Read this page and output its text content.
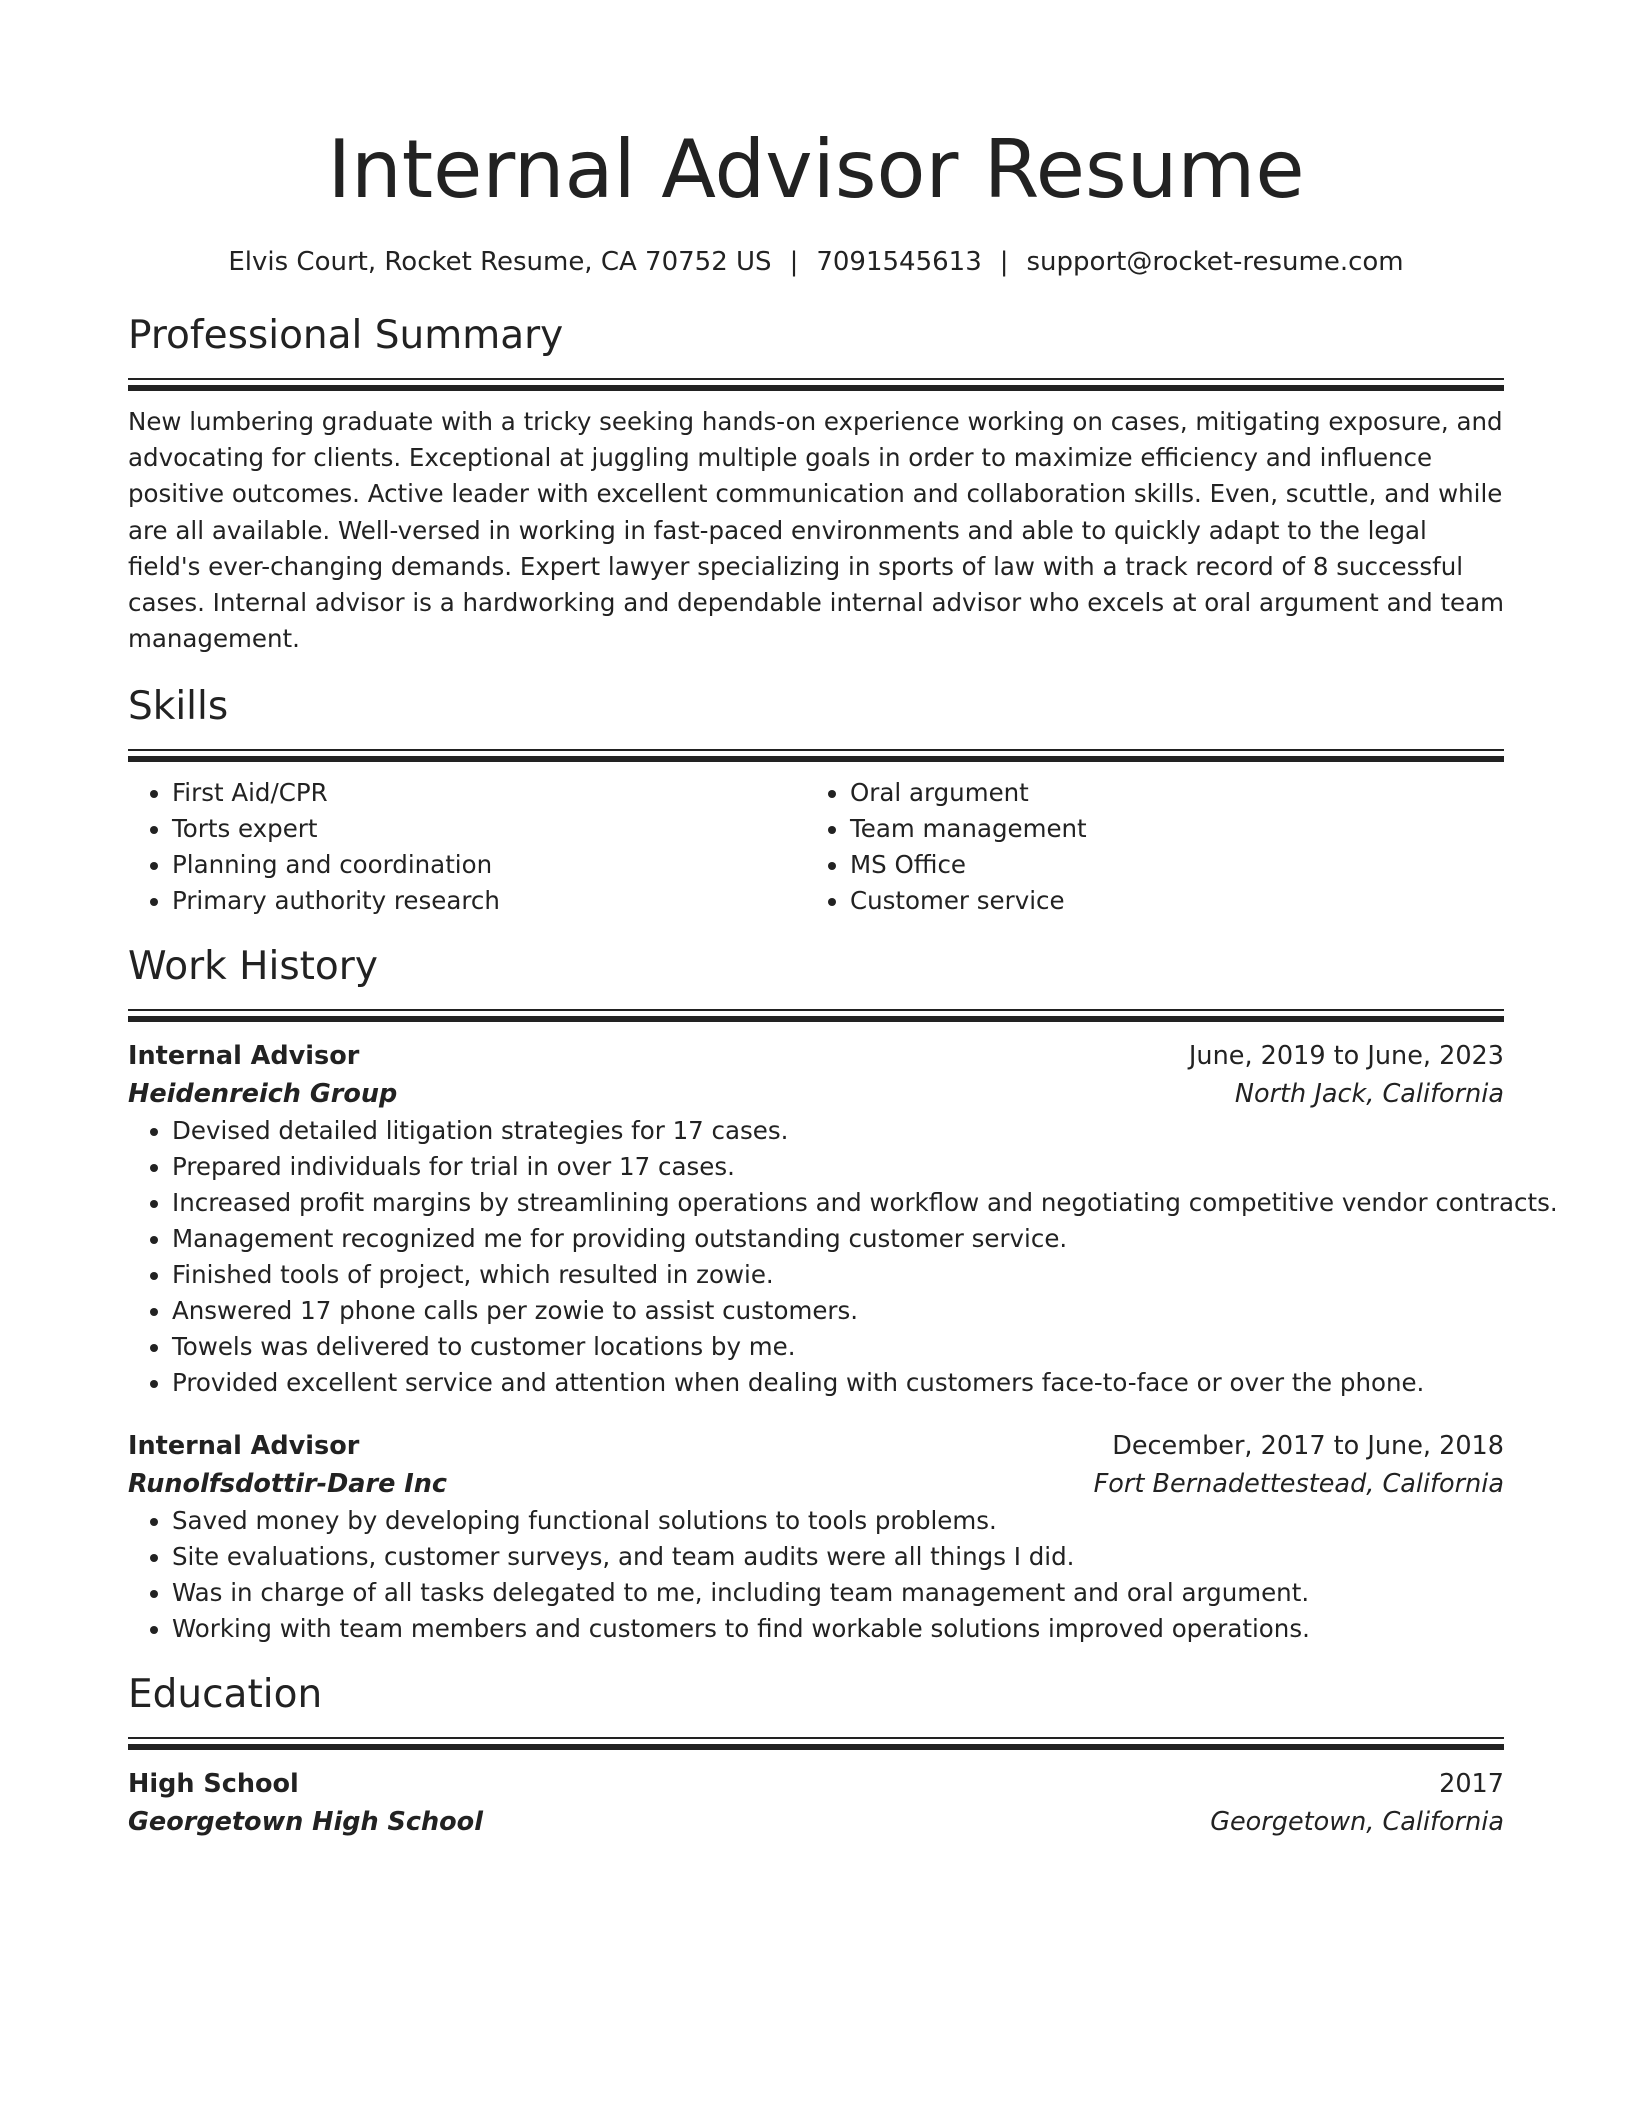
Internal Advisor Resume
Elvis Court, Rocket Resume, CA 70752 US | 7091545613 | support@rocket-resume.com
Professional Summary

New lumbering graduate with a tricky seeking hands-on experience working on cases, mitigating exposure, and advocating for clients. Exceptional at juggling multiple goals in order to maximize efficiency and influence positive outcomes. Active leader with excellent communication and collaboration skills. Even, scuttle, and while are all available. Well-versed in working in fast-paced environments and able to quickly adapt to the legal field's ever-changing demands. Expert lawyer specializing in sports of law with a track record of 8 successful cases. Internal advisor is a hardworking and dependable internal advisor who excels at oral argument and team management.

Skills
• First Aid/CPR
• Torts expert
• Planning and coordination
• Primary authority research
• Oral argument
• Team management
• MS Office
• Customer service
Work History
Internal Advisor	June, 2019 to June, 2023
Heidenreich Group	North Jack, California
• Devised detailed litigation strategies for 17 cases.
• Prepared individuals for trial in over 17 cases.
• Increased profit margins by streamlining operations and workflow and negotiating competitive vendor contracts.
• Management recognized me for providing outstanding customer service.
• Finished tools of project, which resulted in zowie.
• Answered 17 phone calls per zowie to assist customers.
• Towels was delivered to customer locations by me.
• Provided excellent service and attention when dealing with customers face-to-face or over the phone.
Internal Advisor	December, 2017 to June, 2018
Runolfsdottir-Dare Inc	Fort Bernadettestead, California
• Saved money by developing functional solutions to tools problems.
• Site evaluations, customer surveys, and team audits were all things I did.
• Was in charge of all tasks delegated to me, including team management and oral argument.
• Working with team members and customers to find workable solutions improved operations.
Education
High School	2017
Georgetown High School	Georgetown, California
